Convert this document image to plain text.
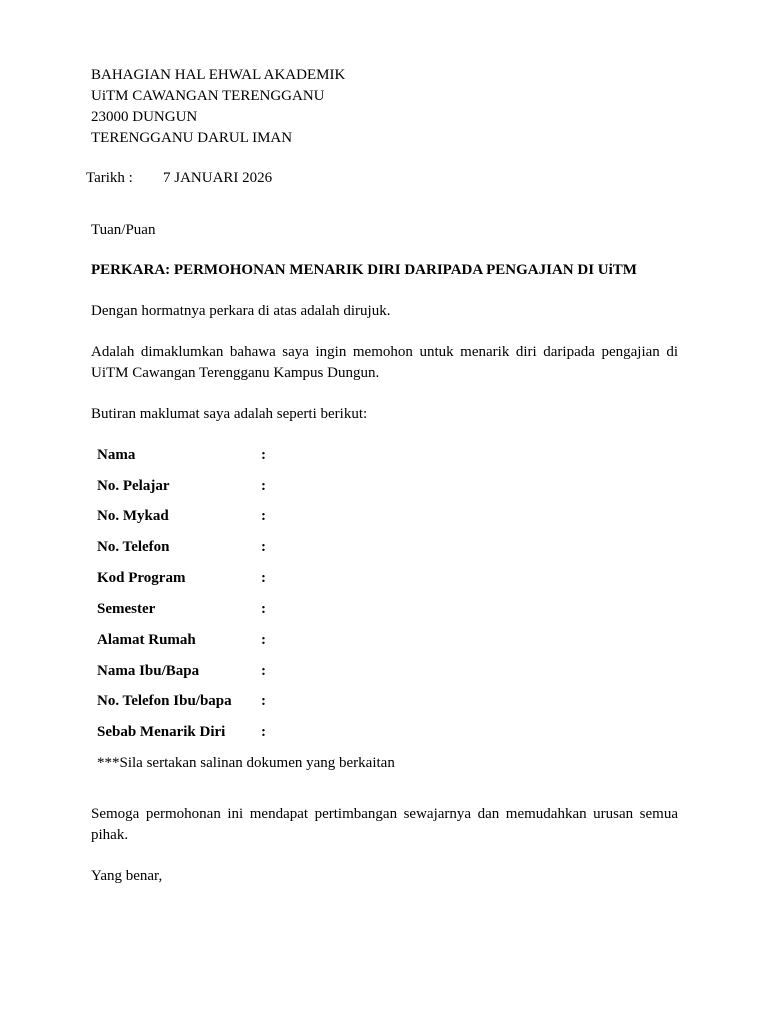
BAHAGIAN HAL EHWAL AKADEMIK
UiTM CAWANGAN TERENGGANU
23000 DUNGUN
TERENGGANU DARUL IMAN
Tarikh : 7 JANUARI 2026
Tuan/Puan
PERKARA: PERMOHONAN MENARIK DIRI DARIPADA PENGAJIAN DI UiTM
Dengan hormatnya perkara di atas adalah dirujuk.
Adalah dimaklumkan bahawa saya ingin memohon untuk menarik diri daripada pengajian di UiTM Cawangan Terengganu Kampus Dungun.
Butiran maklumat saya adalah seperti berikut:
Nama	:
No. Pelajar	:
No. Mykad	:
No. Telefon	:
Kod Program	:
Semester	:
Alamat Rumah	:
Nama Ibu/Bapa	:
No. Telefon Ibu/bapa :
Sebab Menarik Diri :
***Sila sertakan salinan dokumen yang berkaitan
Semoga permohonan ini mendapat pertimbangan sewajarnya dan memudahkan urusan semua pihak.
Yang benar,
